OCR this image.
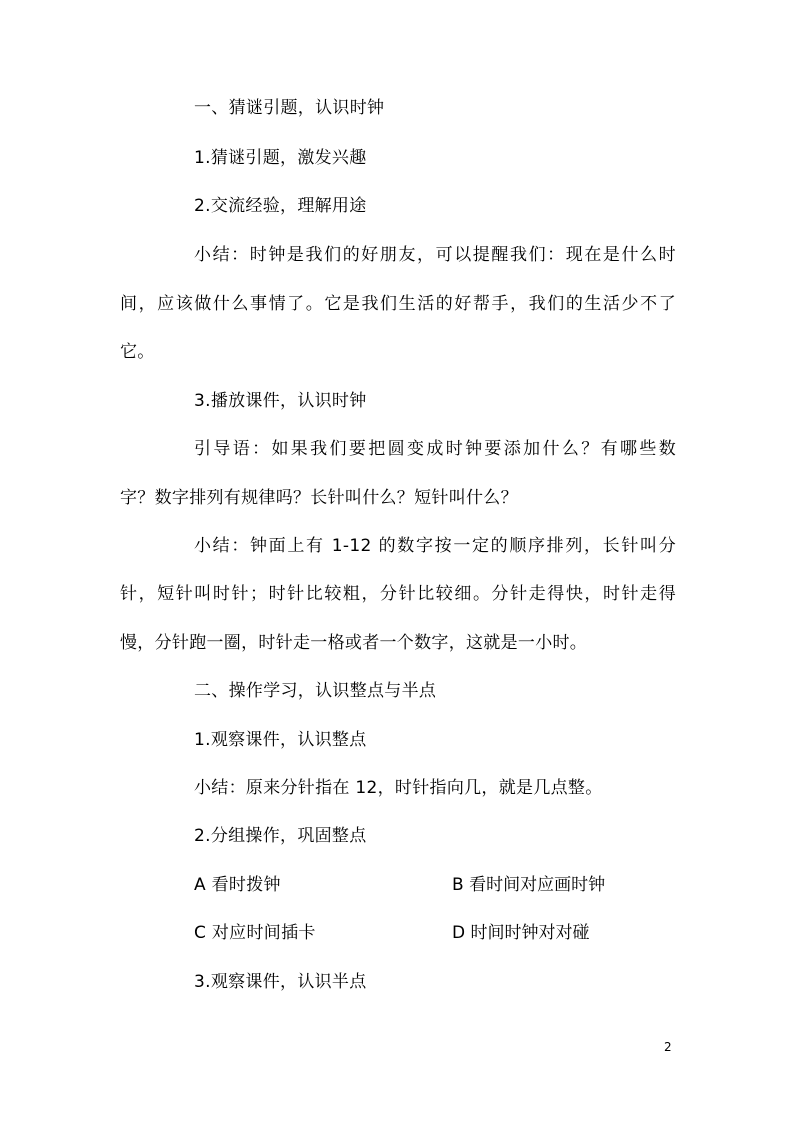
一、猜谜引题，认识时钟
1.猜谜引题，激发兴趣
2.交流经验，理解用途
小结：时钟是我们的好朋友，可以提醒我们：现在是什么时
间，应该做什么事情了。它是我们生活的好帮手，我们的生活少不了
它。
3.播放课件，认识时钟
引导语：如果我们要把圆变成时钟要添加什么？有哪些数
字？数字排列有规律吗？长针叫什么？短针叫什么？
小结：钟面上有 1-12 的数字按一定的顺序排列，长针叫分
针，短针叫时针；时针比较粗，分针比较细。分针走得快，时针走得
慢，分针跑一圈，时针走一格或者一个数字，这就是一小时。
二、操作学习，认识整点与半点
1.观察课件，认识整点
小结：原来分针指在 12，时针指向几，就是几点整。
2.分组操作，巩固整点
A 看时拨钟	B 看时间对应画时钟
C 对应时间插卡	D 时间时钟对对碰
3.观察课件，认识半点
2
